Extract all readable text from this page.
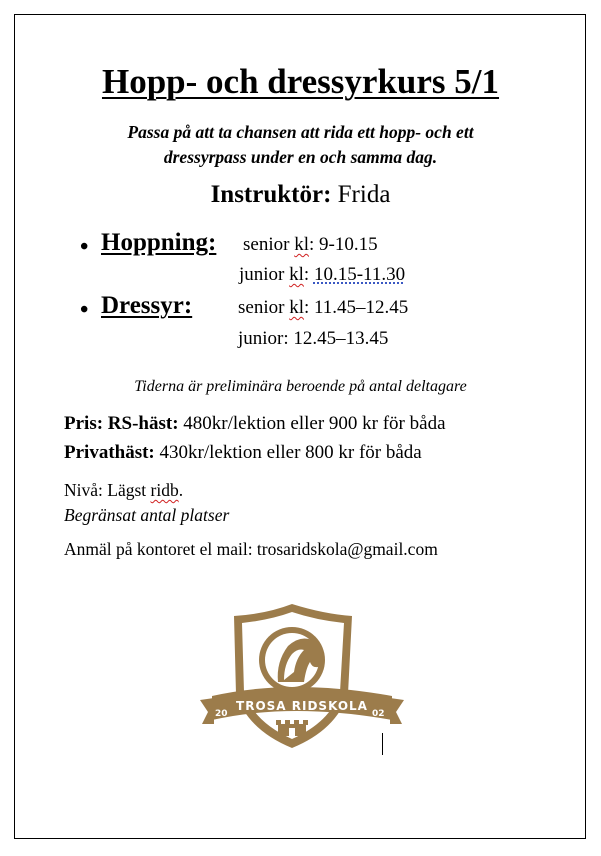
Hopp- och dressyrkurs 5/1
Passa på att ta chansen att rida ett hopp- och ett
dressyrpass under en och samma dag.
Instruktör: Frida
• Hoppning: senior kl: 9-10.15
junior kl: 10.15-11.30
• Dressyr: senior kl: 11.45–12.45
junior: 12.45–13.45
Tiderna är preliminära beroende på antal deltagare
Pris: RS-häst: 480kr/lektion eller 900 kr för båda
Privathäst: 430kr/lektion eller 800 kr för båda
Nivå: Lägst ridb.
Begränsat antal platser
Anmäl på kontoret el mail: trosaridskola@gmail.com
TROSA RIDSKOLA
20	02
